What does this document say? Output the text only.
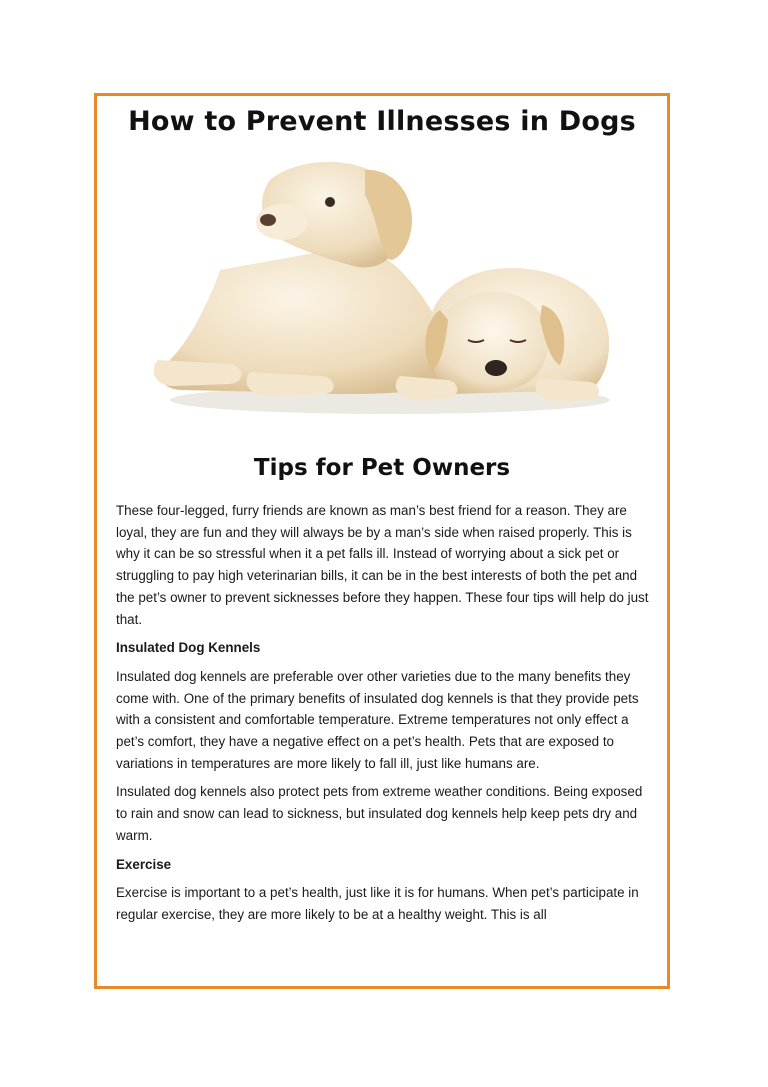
How to Prevent Illnesses in Dogs
Tips for Pet Owners

These four-legged, furry friends are known as man’s best friend for a reason. They are loyal, they are fun and they will always be by a man’s side when raised properly. This is why it can be so stressful when it a pet falls ill. Instead of worrying about a sick pet or struggling to pay high veterinarian bills, it can be in the best interests of both the pet and the pet’s owner to prevent sicknesses before they happen. These four tips will help do just that.

Insulated Dog Kennels

Insulated dog kennels are preferable over other varieties due to the many benefits they come with. One of the primary benefits of insulated dog kennels is that they provide pets with a consistent and comfortable temperature. Extreme temperatures not only effect a pet’s comfort, they have a negative effect on a pet’s health. Pets that are exposed to variations in temperatures are more likely to fall ill, just like humans are.

Insulated dog kennels also protect pets from extreme weather conditions. Being exposed to rain and snow can lead to sickness, but insulated dog kennels help keep pets dry and warm.

Exercise

Exercise is important to a pet’s health, just like it is for humans. When pet’s participate in regular exercise, they are more likely to be at a healthy weight. This is all
